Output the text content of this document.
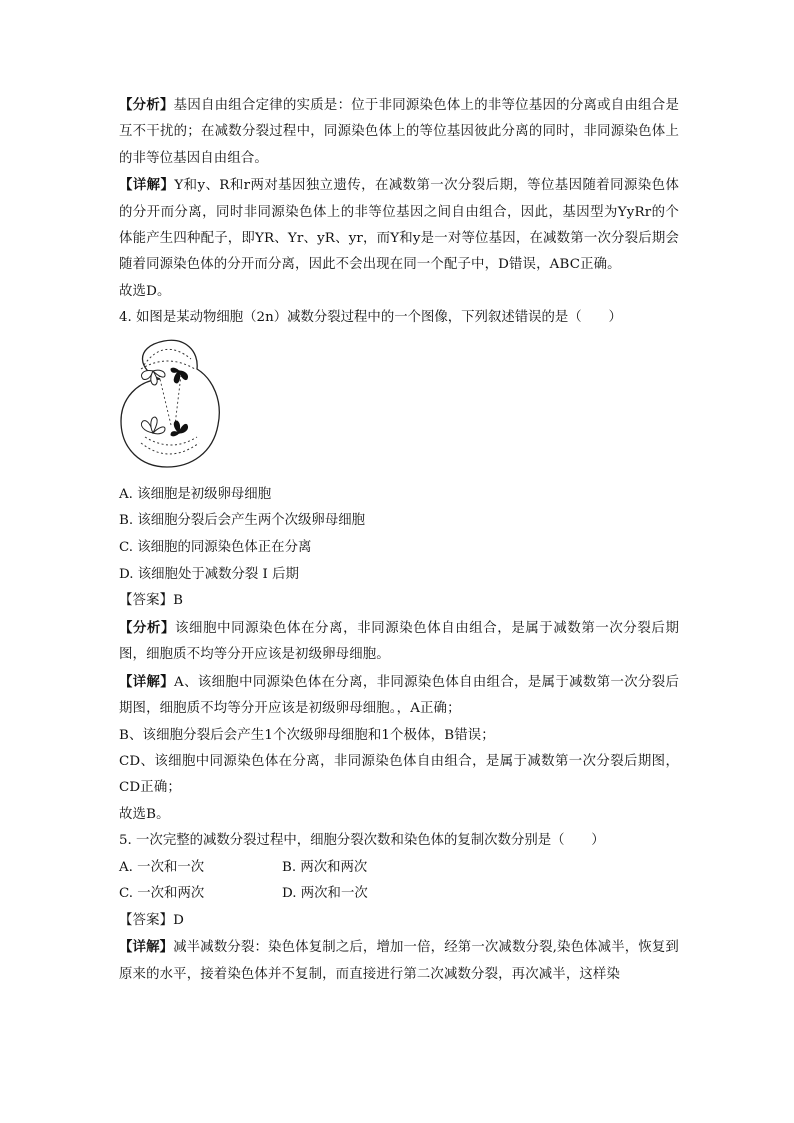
【分析】基因自由组合定律的实质是：位于非同源染色体上的非等位基因的分离或自由组合是互不干扰的；在减数分裂过程中，同源染色体上的等位基因彼此分离的同时，非同源染色体上的非等位基因自由组合。

【详解】Y和y、R和r两对基因独立遗传，在减数第一次分裂后期，等位基因随着同源染色体的分开而分离，同时非同源染色体上的非等位基因之间自由组合，因此，基因型为YyRr的个体能产生四种配子，即YR、Yr、yR、yr，而Y和y是一对等位基因，在减数第一次分裂后期会随着同源染色体的分开而分离，因此不会出现在同一个配子中，D错误，ABC正确。

故选D。

4. 如图是某动物细胞（2n）减数分裂过程中的一个图像，下列叙述错误的是（　　）

A. 该细胞是初级卵母细胞

B. 该细胞分裂后会产生两个次级卵母细胞

C. 该细胞的同源染色体正在分离

D. 该细胞处于减数分裂 I 后期

【答案】B

【分析】该细胞中同源染色体在分离，非同源染色体自由组合，是属于减数第一次分裂后期图，细胞质不均等分开应该是初级卵母细胞。

【详解】A、该细胞中同源染色体在分离，非同源染色体自由组合，是属于减数第一次分裂后期图，细胞质不均等分开应该是初级卵母细胞。，A正确；

B、该细胞分裂后会产生1个次级卵母细胞和1个极体，B错误；

CD、该细胞中同源染色体在分离，非同源染色体自由组合，是属于减数第一次分裂后期图，CD正确；

故选B。

5. 一次完整的减数分裂过程中，细胞分裂次数和染色体的复制次数分别是（　　）

A. 一次和一次	B. 两次和两次

C. 一次和两次	D. 两次和一次

【答案】D

【详解】减半减数分裂：染色体复制之后，增加一倍，经第一次减数分裂,染色体减半，恢复到原来的水平，接着染色体并不复制，而直接进行第二次减数分裂，再次减半，这样染
